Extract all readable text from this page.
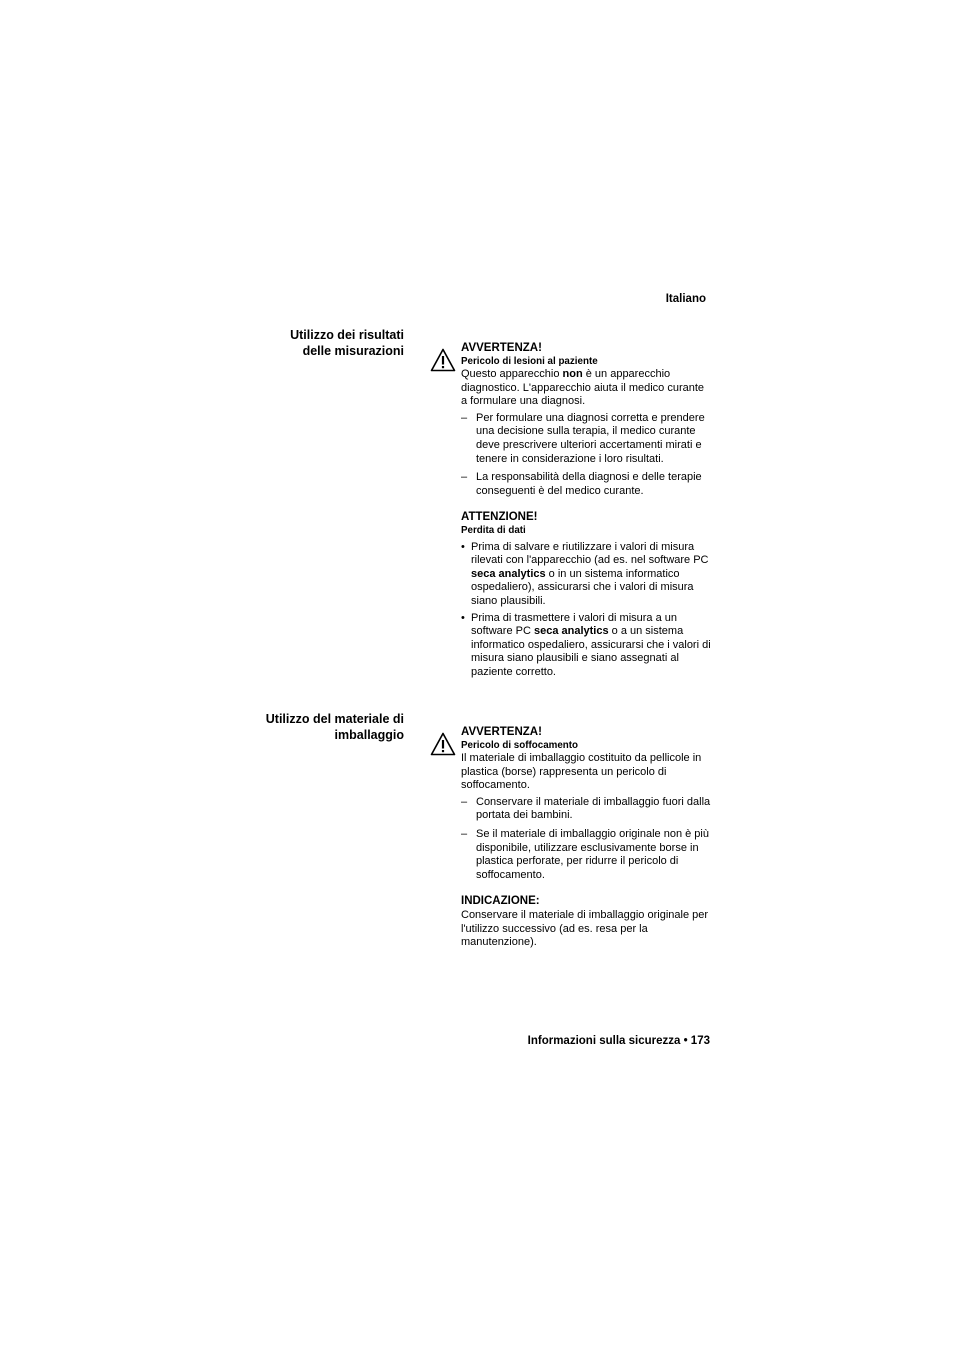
Italiano
Utilizzo dei risultati
delle misurazioni	AVVERTENZA!

Pericolo di lesioni al paziente

Questo apparecchio non è un apparecchio diagnostico. L'apparecchio aiuta il medico curante a formulare una diagnosi.

– Per formulare una diagnosi corretta e prendere una decisione sulla terapia, il medico curante deve prescrivere ulteriori accertamenti mirati e tenere in considerazione i loro risultati.
– La responsabilità della diagnosi e delle terapie conseguenti è del medico curante.

ATTENZIONE!

Perdita di dati

• Prima di salvare e riutilizzare i valori di misura rilevati con l'apparecchio (ad es. nel software PC seca analytics o in un sistema informatico ospedaliero), assicurarsi che i valori di misura siano plausibili.
• Prima di trasmettere i valori di misura a un software PC seca analytics o a un sistema informatico ospedaliero, assicurarsi che i valori di misura siano plausibili e siano assegnati al paziente corretto.
Utilizzo del materiale di
imballaggio	AVVERTENZA!

Pericolo di soffocamento

Il materiale di imballaggio costituito da pellicole in plastica (borse) rappresenta un pericolo di soffocamento.

– Conservare il materiale di imballaggio fuori dalla portata dei bambini.
– Se il materiale di imballaggio originale non è più disponibile, utilizzare esclusivamente borse in plastica perforate, per ridurre il pericolo di soffocamento.

INDICAZIONE:

Conservare il materiale di imballaggio originale per l'utilizzo successivo (ad es. resa per la manutenzione).

Informazioni sulla sicurezza • 173
